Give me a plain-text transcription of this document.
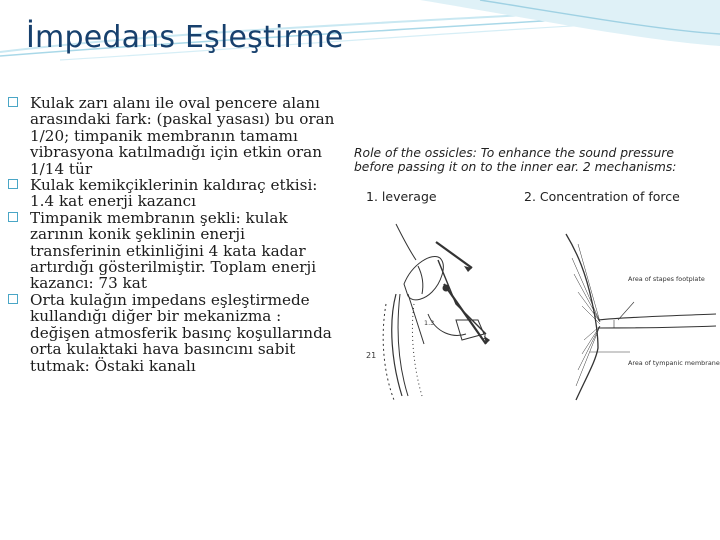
İmpedans Eşleştirme
Kulak zarı alanı ile oval pencere alanı arasındaki fark: (paskal yasası) bu oran 1/20; timpanik membranın tamamı vibrasyona katılmadığı için etkin oran 1/14 tür
Kulak kemikçiklerinin kaldıraç etkisi: 1.4 kat enerji kazancı
Timpanik membranın şekli: kulak zarının konik şeklinin enerji transferinin etkinliğini 4 kata kadar artırdığı gösterilmiştir. Toplam enerji kazancı: 73 kat
Orta kulağın impedans eşleştirmede kullandığı diğer bir mekanizma : değişen atmosferik basınç koşullarında orta kulaktaki hava basıncını sabit tutmak: Östaki kanalı
Role of the ossicles: To enhance the sound pressure before passing it on to the inner ear. 2 mechanisms:
1. leverage	2. Concentration of force
1.3
1
21
Area of stapes footplate
Area of tympanic membrane
